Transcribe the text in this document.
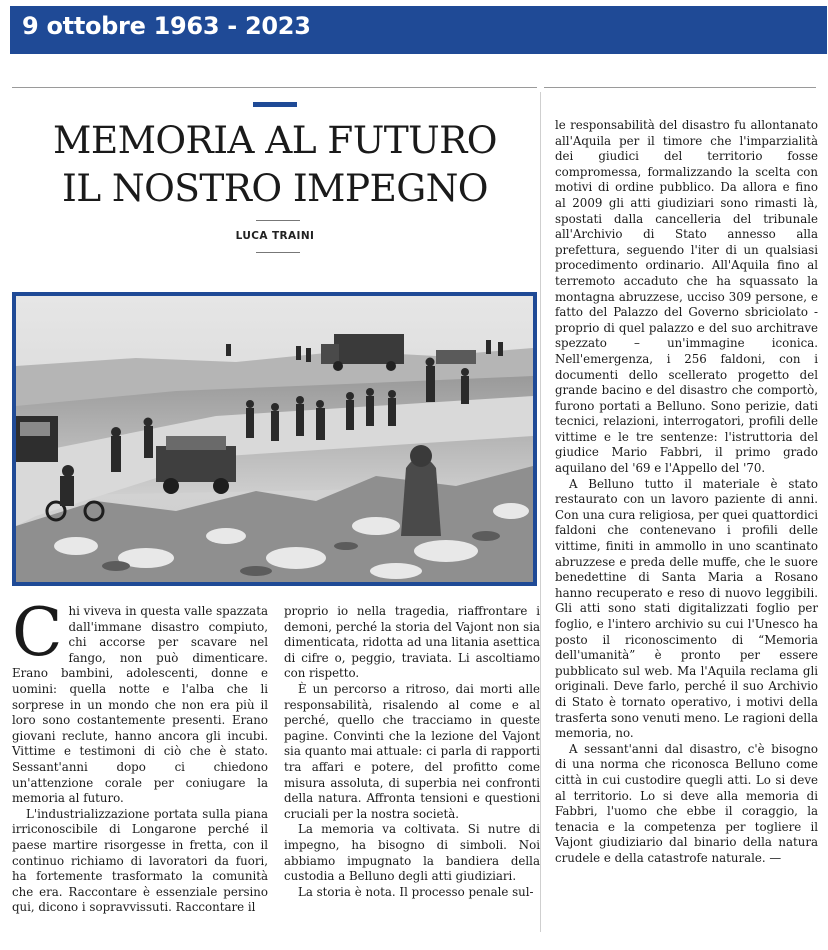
9 ottobre 1963 - 2023
MEMORIA AL FUTURO
IL NOSTRO IMPEGNO
LUCA TRAINI

Chi viveva in questa valle spazzata dall'immane disastro compiuto, chi accorse per scavare nel fango, non può dimenticare. Erano bambini, adolescenti, donne e uomini: quella notte e l'alba che li sorprese in un mondo che non era più il loro sono costantemente presenti. Erano giovani reclute, hanno ancora gli incubi. Vittime e testimoni di ciò che è stato. Sessant'anni dopo ci chiedono un'attenzione corale per coniugare la memoria al futuro.

L'industrializzazione portata sulla piana irriconoscibile di Longarone perché il paese martire risorgesse in fretta, con il continuo richiamo di lavoratori da fuori, ha fortemente trasformato la comunità che era. Raccontare è essenziale persino qui, dicono i sopravvissuti. Raccontare il

proprio io nella tragedia, riaffrontare i demoni, perché la storia del Vajont non sia dimenticata, ridotta ad una litania asettica di cifre o, peggio, traviata. Li ascoltiamo con rispetto.

È un percorso a ritroso, dai morti alle responsabilità, risalendo al come e al perché, quello che tracciamo in queste pagine. Convinti che la lezione del Vajont sia quanto mai attuale: ci parla di rapporti tra affari e potere, del profitto come misura assoluta, di superbia nei confronti della natura. Affronta tensioni e questioni cruciali per la nostra società.

La memoria va coltivata. Si nutre di impegno, ha bisogno di simboli. Noi abbiamo impugnato la bandiera della custodia a Belluno degli atti giudiziari.

La storia è nota. Il processo penale sul-

le responsabilità del disastro fu allontanato all'Aquila per il timore che l'imparzialità dei giudici del territorio fosse compromessa, formalizzando la scelta con motivi di ordine pubblico. Da allora e fino al 2009 gli atti giudiziari sono rimasti là, spostati dalla cancelleria del tribunale all'Archivio di Stato annesso alla prefettura, seguendo l'iter di un qualsiasi procedimento ordinario. All'Aquila fino al terremoto accaduto che ha squassato la montagna abruzzese, ucciso 309 persone, e fatto del Palazzo del Governo sbriciolato - proprio di quel palazzo e del suo architrave spezzato – un'immagine iconica. Nell'emergenza, i 256 faldoni, con i documenti dello scellerato progetto del grande bacino e del disastro che comportò, furono portati a Belluno. Sono perizie, dati tecnici, relazioni, interrogatori, profili delle vittime e le tre sentenze: l'istruttoria del giudice Mario Fabbri, il primo grado aquilano del '69 e l'Appello del '70.

A Belluno tutto il materiale è stato restaurato con un lavoro paziente di anni. Con una cura religiosa, per quei quattordici faldoni che contenevano i profili delle vittime, finiti in ammollo in uno scantinato abruzzese e preda delle muffe, che le suore benedettine di Santa Maria a Rosano hanno recuperato e reso di nuovo leggibili. Gli atti sono stati digitalizzati foglio per foglio, e l'intero archivio su cui l'Unesco ha posto il riconoscimento di “Memoria dell'umanità” è pronto per essere pubblicato sul web. Ma l'Aquila reclama gli originali. Deve farlo, perché il suo Archivio di Stato è tornato operativo, i motivi della trasferta sono venuti meno. Le ragioni della memoria, no.

A sessant'anni dal disastro, c'è bisogno di una norma che riconosca Belluno come città in cui custodire quegli atti. Lo si deve al territorio. Lo si deve alla memoria di Fabbri, l'uomo che ebbe il coraggio, la tenacia e la competenza per togliere il Vajont giudiziario dal binario della natura crudele e della catastrofe naturale. —
